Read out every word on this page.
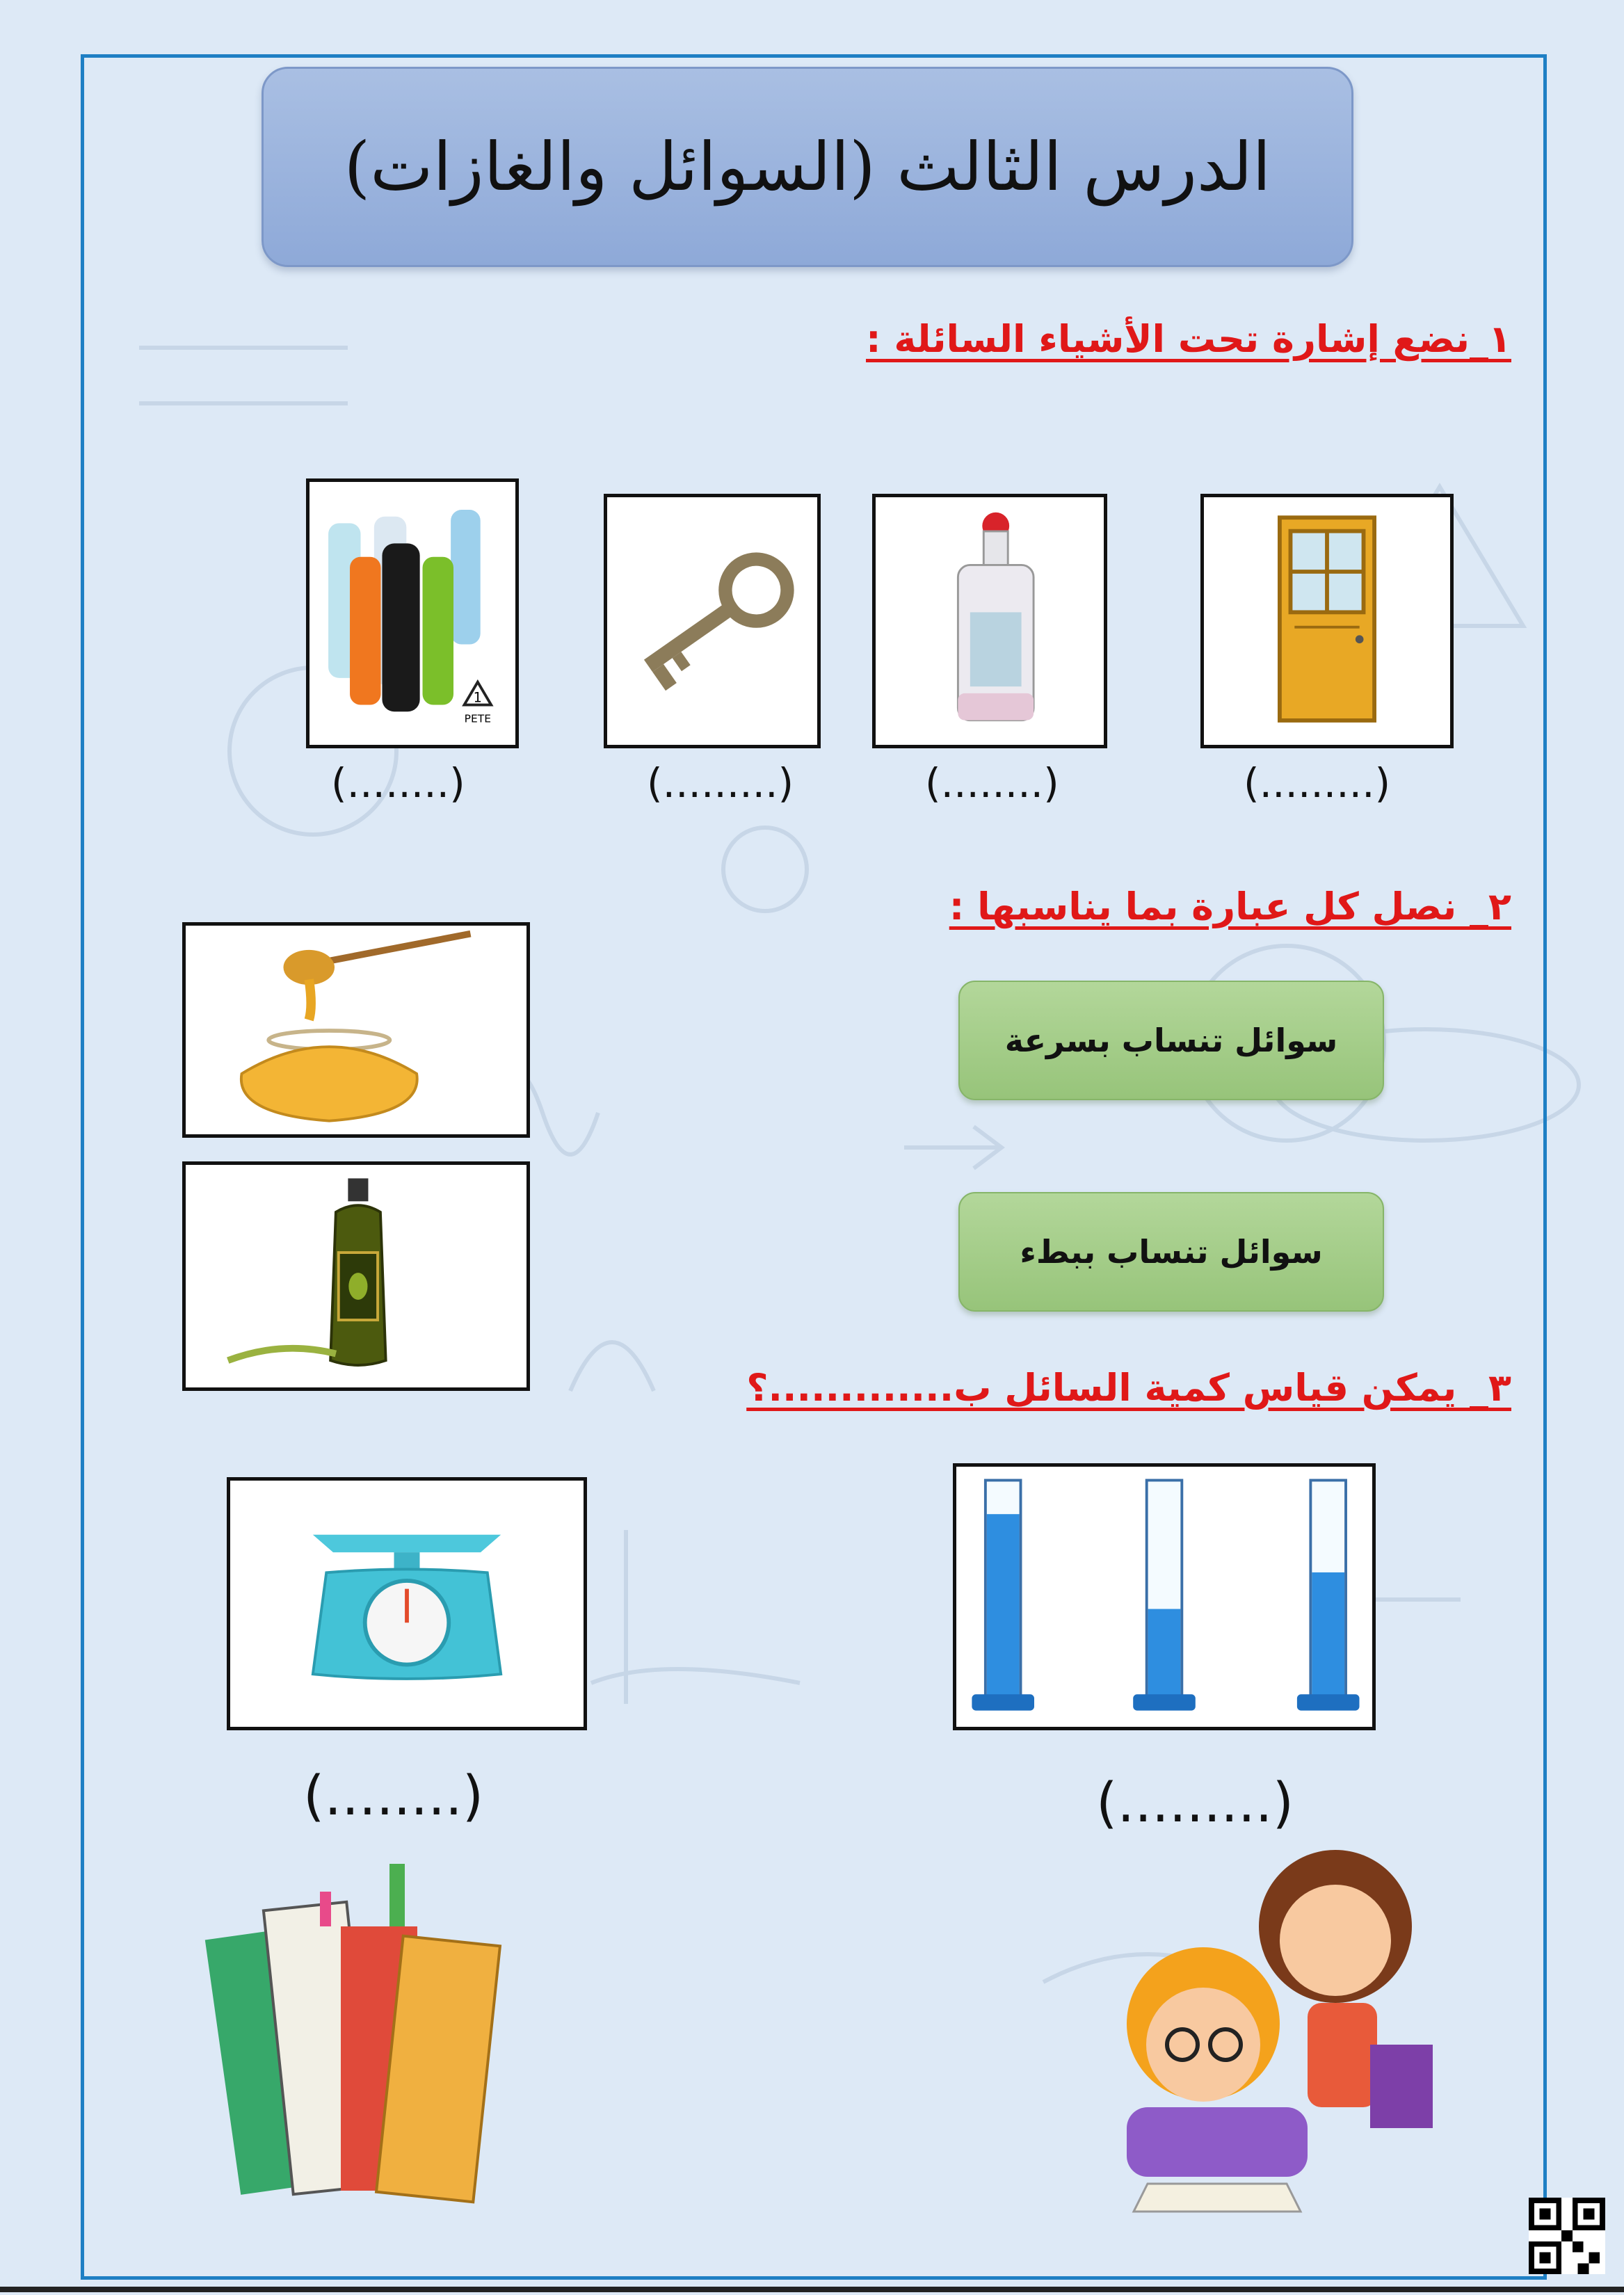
الدرس الثالث (السوائل والغازات)
١_نضع إشارة تحت الأشياء السائلة :
1
PETE
(.........)
(........)
(.........)
(........)
٢_ نصل كل عبارة بما يناسبها :
سوائل تنساب بسرعة
سوائل تنساب ببطء
٣_ يمكن قياس كمية السائل ب.............؟
(.........)
(........)
